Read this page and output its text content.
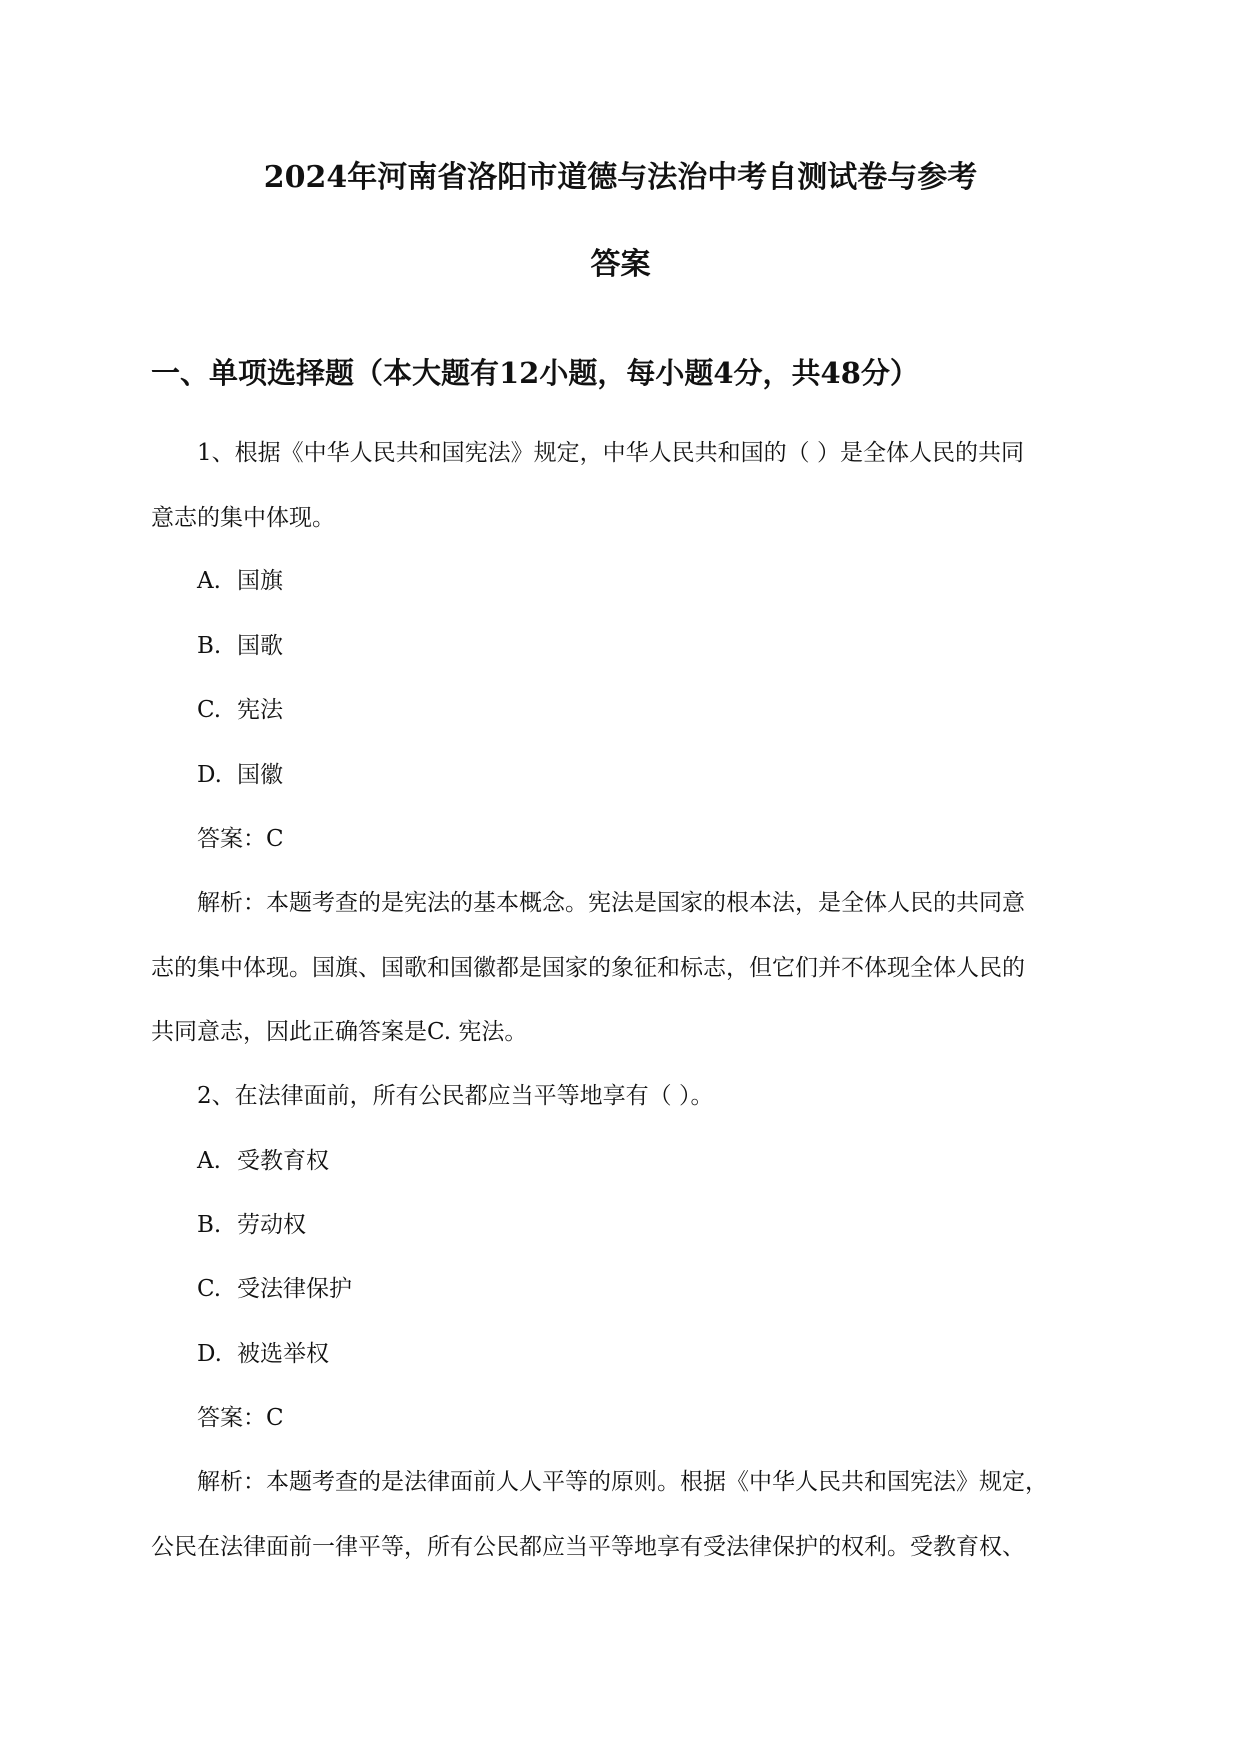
2024年河南省洛阳市道德与法治中考自测试卷与参考
答案
一、单项选择题（本大题有12小题，每小题4分，共48分）
1、根据《中华人民共和国宪法》规定，中华人民共和国的（ ）是全体人民的共同
意志的集中体现。
A. 国旗
B. 国歌
C. 宪法
D. 国徽
答案：C
解析：本题考查的是宪法的基本概念。宪法是国家的根本法，是全体人民的共同意
志的集中体现。国旗、国歌和国徽都是国家的象征和标志，但它们并不体现全体人民的
共同意志，因此正确答案是C. 宪法。
2、在法律面前，所有公民都应当平等地享有（ ）。
A. 受教育权
B. 劳动权
C. 受法律保护
D. 被选举权
答案：C
解析：本题考查的是法律面前人人平等的原则。根据《中华人民共和国宪法》规定，
公民在法律面前一律平等，所有公民都应当平等地享有受法律保护的权利。受教育权、
